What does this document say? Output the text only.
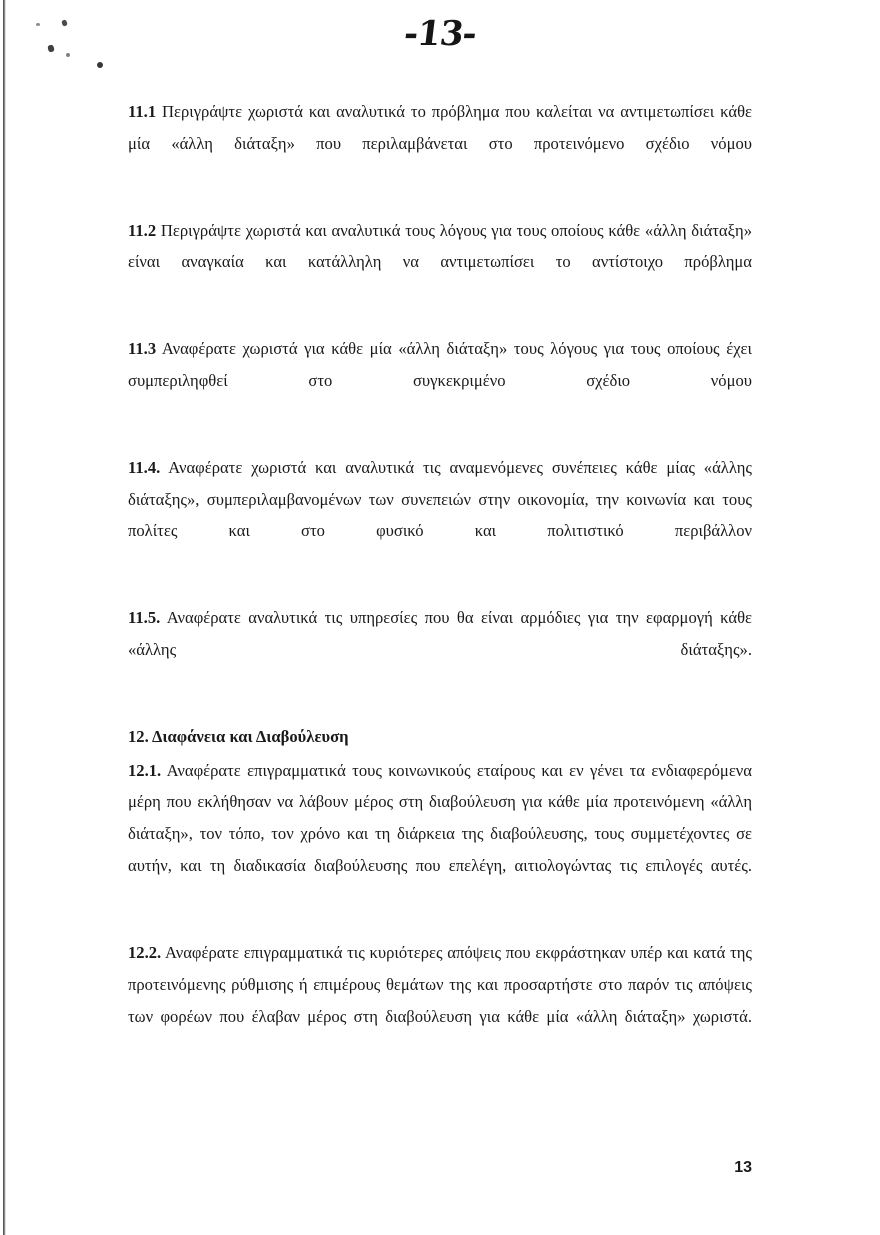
-13-

11.1 Περιγράψτε χωριστά και αναλυτικά το πρόβλημα που καλείται να αντιμετωπίσει κάθε μία «άλλη διάταξη» που περιλαμβάνεται στο προτεινόμενο σχέδιο νόμου

11.2 Περιγράψτε χωριστά και αναλυτικά τους λόγους για τους οποίους κάθε «άλλη διάταξη» είναι αναγκαία και κατάλληλη να αντιμετωπίσει το αντίστοιχο πρόβλημα

11.3 Αναφέρατε χωριστά για κάθε μία «άλλη διάταξη» τους λόγους για τους οποίους έχει συμπεριληφθεί στο συγκεκριμένο σχέδιο νόμου

11.4. Αναφέρατε χωριστά και αναλυτικά τις αναμενόμενες συνέπειες κάθε μίας «άλλης διάταξης», συμπεριλαμβανομένων των συνεπειών στην οικονομία, την κοινωνία και τους πολίτες και στο φυσικό και πολιτιστικό περιβάλλον

11.5. Αναφέρατε αναλυτικά τις υπηρεσίες που θα είναι αρμόδιες για την εφαρμογή κάθε «άλλης διάταξης».

12. Διαφάνεια και Διαβούλευση

12.1. Αναφέρατε επιγραμματικά τους κοινωνικούς εταίρους και εν γένει τα ενδιαφερόμενα μέρη που εκλήθησαν να λάβουν μέρος στη διαβούλευση για κάθε μία προτεινόμενη «άλλη διάταξη», τον τόπο, τον χρόνο και τη διάρκεια της διαβούλευσης, τους συμμετέχοντες σε αυτήν, και τη διαδικασία διαβούλευσης που επελέγη, αιτιολογώντας τις επιλογές αυτές.

12.2. Αναφέρατε επιγραμματικά τις κυριότερες απόψεις που εκφράστηκαν υπέρ και κατά της προτεινόμενης ρύθμισης ή επιμέρους θεμάτων της και προσαρτήστε στο παρόν τις απόψεις των φορέων που έλαβαν μέρος στη διαβούλευση για κάθε μία «άλλη διάταξη» χωριστά.

13
